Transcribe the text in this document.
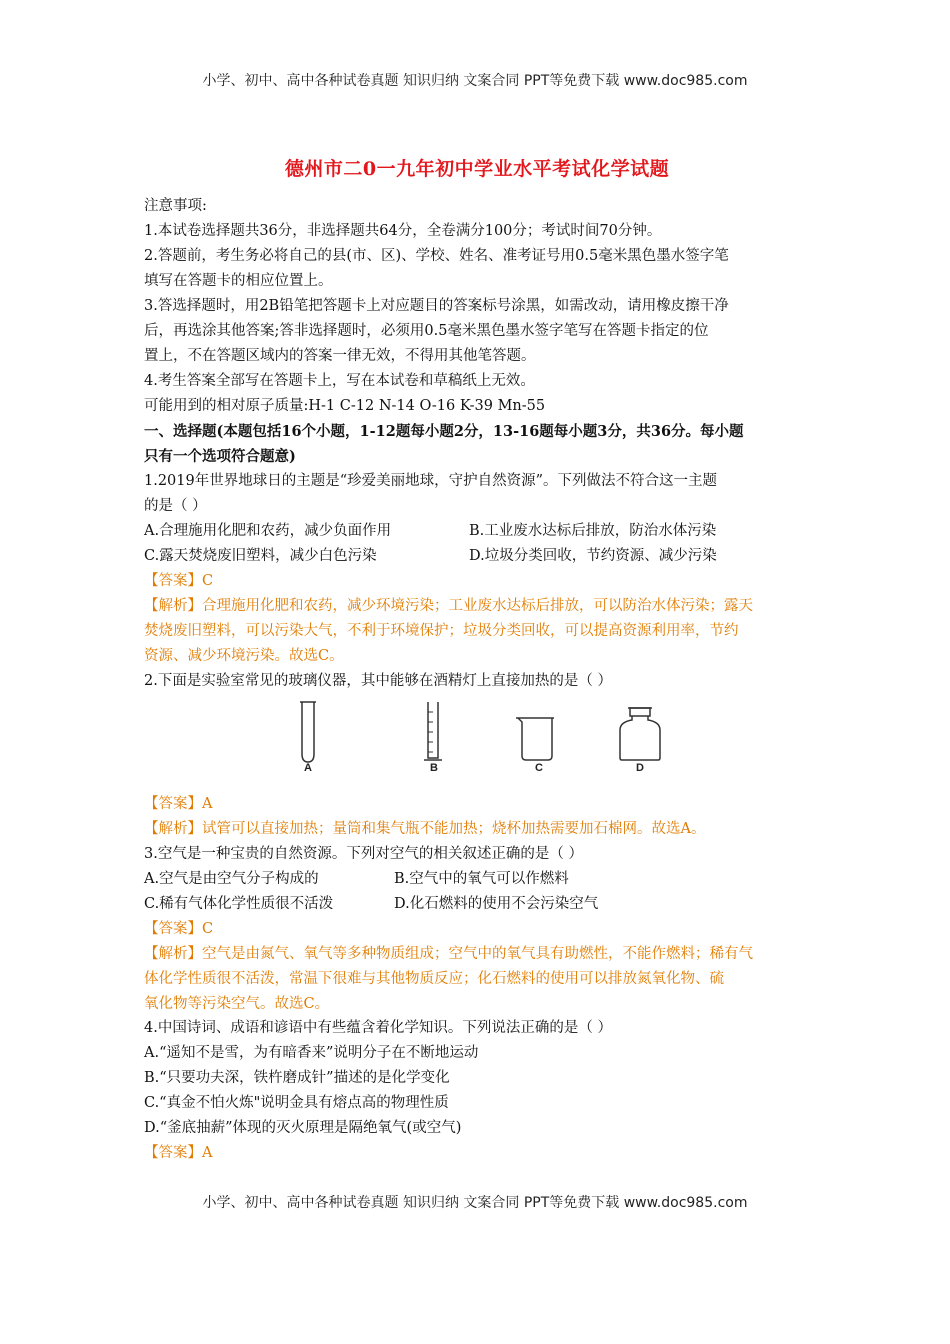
小学、初中、高中各种试卷真题 知识归纳 文案合同 PPT等免费下载 www.doc985.com
德州市二0一九年初中学业水平考试化学试题
注意事项:
1.本试卷选择题共36分，非选择题共64分，全卷满分100分；考试时间70分钟。
2.答题前，考生务必将自己的县(市、区)、学校、姓名、准考证号用0.5毫米黑色墨水签字笔
填写在答题卡的相应位置上。
3.答选择题时，用2B铅笔把答题卡上对应题目的答案标号涂黑，如需改动，请用橡皮擦干净
后，再选涂其他答案;答非选择题时，必须用0.5毫米黑色墨水签字笔写在答题卡指定的位
置上，不在答题区域内的答案一律无效，不得用其他笔答题。
4.考生答案全部写在答题卡上，写在本试卷和草稿纸上无效。
可能用到的相对原子质量:H-1 C-12 N-14 O-16 K-39 Mn-55
一、选择题(本题包括16个小题，1-12题每小题2分，13-16题每小题3分，共36分。每小题
只有一个选项符合题意)
1.2019年世界地球日的主题是“珍爱美丽地球，守护自然资源”。下列做法不符合这一主题
的是（ ）
A.合理施用化肥和农药，减少负面作用	B.工业废水达标后排放，防治水体污染
C.露天焚烧废旧塑料，减少白色污染	D.垃圾分类回收，节约资源、减少污染
【答案】C
【解析】合理施用化肥和农药，减少环境污染；工业废水达标后排放，可以防治水体污染；露天
焚烧废旧塑料，可以污染大气，不利于环境保护；垃圾分类回收，可以提高资源利用率，节约
资源、减少环境污染。故选C。
2.下面是实验室常见的玻璃仪器，其中能够在酒精灯上直接加热的是（ ）
A	B	C	D
【答案】A
【解析】试管可以直接加热；量筒和集气瓶不能加热；烧杯加热需要加石棉网。故选A。
3.空气是一种宝贵的自然资源。下列对空气的相关叙述正确的是（ ）
A.空气是由空气分子构成的	B.空气中的氧气可以作燃料
C.稀有气体化学性质很不活泼	D.化石燃料的使用不会污染空气
【答案】C
【解析】空气是由氮气、氧气等多种物质组成；空气中的氧气具有助燃性，不能作燃料；稀有气
体化学性质很不活泼，常温下很难与其他物质反应；化石燃料的使用可以排放氮氧化物、硫
氧化物等污染空气。故选C。
4.中国诗词、成语和谚语中有些蕴含着化学知识。下列说法正确的是（ ）
A.“遥知不是雪，为有暗香来”说明分子在不断地运动
B.“只要功夫深，铁杵磨成针”描述的是化学变化
C.“真金不怕火炼"说明金具有熔点高的物理性质
D.“釜底抽薪”体现的灭火原理是隔绝氧气(或空气)
【答案】A
小学、初中、高中各种试卷真题 知识归纳 文案合同 PPT等免费下载 www.doc985.com
